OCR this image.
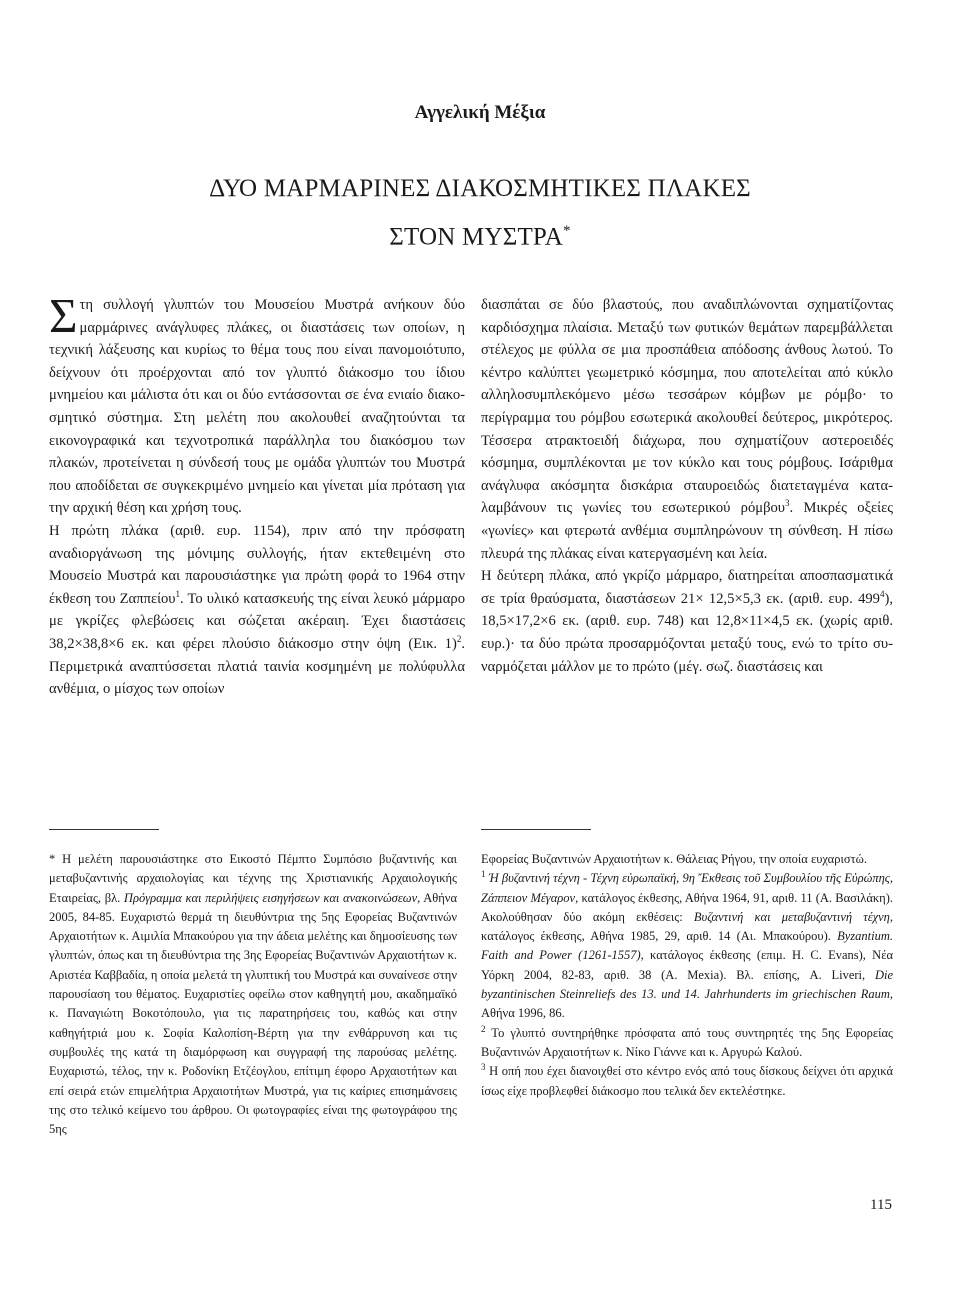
Αγγελική Μέξια
ΔΥΟ ΜΑΡΜΑΡΙΝΕΣ ΔΙΑΚΟΣΜΗΤΙΚΕΣ ΠΛΑΚΕΣ
ΣΤΟΝ ΜΥΣΤΡΑ*

Στη συλλογή γλυπτών του Μουσείου Μυστρά ανήκουν δύο μαρμάρινες ανάγλυφες πλάκες, οι διαστάσεις των οποίων, η τεχνική λάξευσης και κυρίως το θέμα τους που είναι πανομοιότυπο, δείχνουν ότι προέρχονται από τον γλυπτό διάκοσμο του ίδιου μνημείου και μάλιστα ότι και οι δύο εντάσσονται σε ένα ενιαίο διακοσμητικό σύστημα. Στη μελέτη που ακολουθεί αναζητούνται τα εικονογραφικά και τεχνοτροπικά παράλληλα του διακόσμου των πλακών, προτείνεται η σύνδεσή τους με ομάδα γλυπτών του Μυστρά που αποδίδεται σε συγκεκριμένο μνημείο και γίνεται μία πρόταση για την αρχική θέση και χρήση τους.

Η πρώτη πλάκα (αριθ. ευρ. 1154), πριν από την πρόσφατη αναδιοργάνωση της μόνιμης συλλογής, ήταν εκτεθειμένη στο Μουσείο Μυστρά και παρουσιάστηκε για πρώτη φορά το 1964 στην έκθεση του Ζαππείου$^1$. Το υλικό κατασκευής της είναι λευκό μάρμαρο με γκρίζες φλεβώσεις και σώζεται ακέραιη. Έχει διαστάσεις 38,2×38,8×6 εκ. και φέρει πλούσιο διάκοσμο στην όψη (Εικ. 1)$^2$. Περιμετρικά αναπτύσσεται πλατιά ταινία κοσμημένη με πολύφυλλα ανθέμια, ο μίσχος των οποίων

διασπάται σε δύο βλαστούς, που αναδιπλώνονται σχηματίζοντας καρδιόσχημα πλαίσια. Μεταξύ των φυτικών θεμάτων παρεμβάλλεται στέλεχος με φύλλα σε μια προσπάθεια απόδοσης άνθους λωτού. Το κέντρο καλύπτει γεωμετρικό κόσμημα, που αποτελείται από κύκλο αλληλοσυμπλεκόμενο μέσω τεσσάρων κόμβων με ρόμβο· το περίγραμμα του ρόμβου εσωτερικά ακολουθεί δεύτερος, μικρότερος. Τέσσερα ατρακτοειδή διάχωρα, που σχηματίζουν αστεροειδές κόσμημα, συμπλέκονται με τον κύκλο και τους ρόμβους. Ισάριθμα ανάγλυφα ακόσμητα δισκάρια σταυροειδώς διατεταγμένα καταλαμβάνουν τις γωνίες του εσωτερικού ρόμβου$^3$. Μικρές οξείες «γωνίες» και φτερωτά ανθέμια συμπληρώνουν τη σύνθεση. Η πίσω πλευρά της πλάκας είναι κατεργασμένη και λεία.

Η δεύτερη πλάκα, από γκρίζο μάρμαρο, διατηρείται αποσπασματικά σε τρία θραύσματα, διαστάσεων 21× 12,5×5,3 εκ. (αριθ. ευρ. $499^4$), 18,5×17,2×6 εκ. (αριθ. ευρ. 748) και 12,8×11×4,5 εκ. (χωρίς αριθ. ευρ.)· τα δύο πρώτα προσαρμόζονται μεταξύ τους, ενώ το τρίτο συναρμόζεται μάλλον με το πρώτο (μέγ. σωζ. διαστάσεις και

* Η μελέτη παρουσιάστηκε στο Εικοστό Πέμπτο Συμπόσιο βυζαντινής και μεταβυζαντινής αρχαιολογίας και τέχνης της Χριστιανικής Αρχαιολογικής Εταιρείας, βλ. Πρόγραμμα και περιλήψεις εισηγήσεων και ανακοινώσεων, Αθήνα 2005, 84-85. Ευχαριστώ θερμά τη διευθύντρια της 5ης Εφορείας Βυζαντινών Αρχαιοτήτων κ. Αιμιλία Μπακούρου για την άδεια μελέτης και δημοσίευσης των γλυπτών, όπως και τη διευθύντρια της 3ης Εφορείας Βυζαντινών Αρχαιοτήτων κ. Αριστέα Καββαδία, η οποία μελετά τη γλυπτική του Μυστρά και συναίνεσε στην παρουσίαση του θέματος. Ευχαριστίες οφείλω στον καθηγητή μου, ακαδημαϊκό κ. Παναγιώτη Βοκοτόπουλο, για τις παρατηρήσεις του, καθώς και στην καθηγήτριά μου κ. Σοφία Καλοπίση-Βέρτη για την ενθάρρυνση και τις συμβουλές της κατά τη διαμόρφωση και συγγραφή της παρούσας μελέτης. Ευχαριστώ, τέλος, την κ. Ροδονίκη Ετζέογλου, επίτιμη έφορο Αρχαιοτήτων και επί σειρά ετών επιμελήτρια Αρχαιοτήτων Μυστρά, για τις καίριες επισημάνσεις της στο τελικό κείμενο του άρθρου. Οι φωτογραφίες είναι της φωτογράφου της 5ης

Εφορείας Βυζαντινών Αρχαιοτήτων κ. Θάλειας Ρήγου, την οποία ευχαριστώ.

$^1$ Ή βυζαντινή τέχνη - Τέχνη εὐρωπαϊκή, 9η Ἔκθεσις τοῦ Συμβουλίου τῆς Εὐρώπης, Ζάππειον Μέγαρον, κατάλογος έκθεσης, Αθήνα 1964, 91, αριθ. 11 (Α. Βασιλάκη). Ακολούθησαν δύο ακόμη εκθέσεις: Βυζαντινή και μεταβυζαντινή τέχνη, κατάλογος έκθεσης, Αθήνα 1985, 29, αριθ. 14 (Αι. Μπακούρου). Byzantium. Faith and Power (1261-1557), κατάλογος έκθεσης (επιμ. H. C. Evans), Νέα Υόρκη 2004, 82-83, αριθ. 38 (A. Mexia). Βλ. επίσης, A. Liveri, Die byzantinischen Steinreliefs des 13. und 14. Jahrhunderts im griechischen Raum, Αθήνα 1996, 86.

$^2$ Το γλυπτό συντηρήθηκε πρόσφατα από τους συντηρητές της 5ης Εφορείας Βυζαντινών Αρχαιοτήτων κ. Νίκο Γιάννε και κ. Αργυρώ Καλού.

$^3$ Η οπή που έχει διανοιχθεί στο κέντρο ενός από τους δίσκους δείχνει ότι αρχικά ίσως είχε προβλεφθεί διάκοσμο που τελικά δεν εκτελέστηκε.

115
